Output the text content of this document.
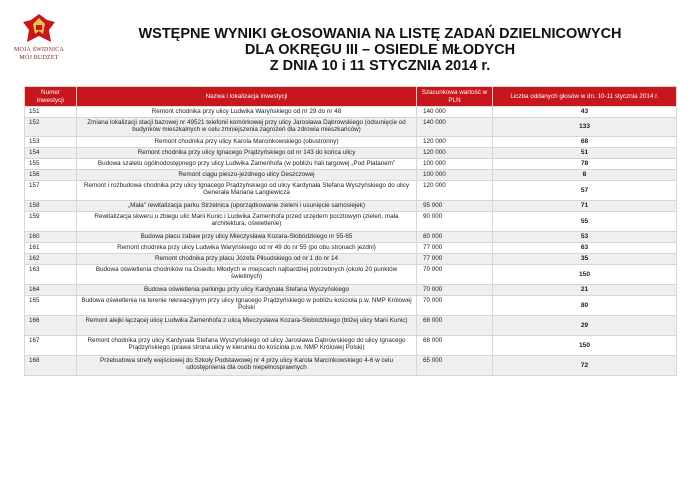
MOJA ŚWIDNICA
MÓJ BUDŻET
WSTĘPNE WYNIKI GŁOSOWANIA NA LISTĘ ZADAŃ DZIELNICOWYCH
DLA OKRĘGU III – OSIEDLE MŁODYCH
Z DNIA 10 i 11 STYCZNIA 2014 r.
Numer inwestycji	Nazwa i lokalizacja inwestycji	Szacunkowa wartość w PLN	Liczba oddanych głosów w dn. 10-11 stycznia 2014 r.
151	Remont chodnika przy ulicy Ludwika Waryńskiego od nr 29 do nr 48	140 000	43
152	Zmiana lokalizacji stacji bazowej nr 49521 telefonii komórkowej przy ulicy Jarosława Dąbrowskiego (odsunięcie od budynków mieszkalnych w celu zmniejszenia zagrożeń dla zdrowia mieszkańców)	140 000	133
153	Remont chodnika przy ulicy Karola Marcinkowskiego (obustronny)	120 000	68
154	Remont chodnika przy ulicy Ignacego Prądzyńskiego od nr 143 do końca ulicy	120 000	51
155	Budowa szaletu ogólnodostępnego przy ulicy Ludwika Zamenhofa (w pobliżu hali targowej „Pod Platanem”	100 000	78
156	Remont ciągu pieszo-jezdnego ulicy Deszczowej	100 000	8
157	Remont i rozbudowa chodnika przy ulicy Ignacego Prądzyńskiego od ulicy Kardynała Stefana Wyszyńskiego do ulicy Generała Mariana Langiewicza	120 000	57
158	„Mała” rewitalizacja parku Strzelnica (uporządkowanie zieleni i usunięcie samosiejek)	95 000	71
159	Rewitalizacja skweru u zbiegu ulic Marii Kunic i Ludwika Zamenhofa przed urzędem pocztowym (zieleń, mała architektura, oświetlenie)	90 000	55
160	Budowa placu zabaw przy ulicy Mieczysława Kozara-Słobódzkiego nr 55-65	80 000	53
161	Remont chodnika przy ulicy Ludwika Waryńskiego od nr 49 do nr 55 (po obu stronach jezdni)	77 000	63
162	Remont chodnika przy placu Józefa Piłsudskiego od nr 1 do nr 14	77 000	35
163	Budowa oświetlenia chodników na Osiedlu Młodych w miejscach najbardziej potrzebnych (około 20 punktów świetlnych)	70 000	150
164	Budowa oświetlenia parkingu przy ulicy Kardynała Stefana Wyszyńskiego	70 000	21
165	Budowa oświetlenia na terenie rekreacyjnym przy ulicy Ignacego Prądzyńskiego w pobliżu kościoła p.w. NMP Królowej Polski	70 000	80
166	Remont alejki łączącej ulicę Ludwika Zamenhofa z ulicą Mieczysława Kozara-Słobódzkiego (bliżej ulicy Marii Kunic)	68 000	29
167	Remont chodnika przy ulicy Kardynała Stefana Wyszyńskiego od ulicy Jarosława Dąbrowskiego do ulicy Ignacego Prądzyńskiego (prawa strona ulicy w kierunku do kościoła p.w. NMP Królowej Polski)	68 000	150
168	Przebudowa strefy wejściowej do Szkoły Podstawowej nr 4 przy ulicy Karola Marcinkowskiego 4-6 w celu udostępnienia dla osób niepełnosprawnych	65 000	72
